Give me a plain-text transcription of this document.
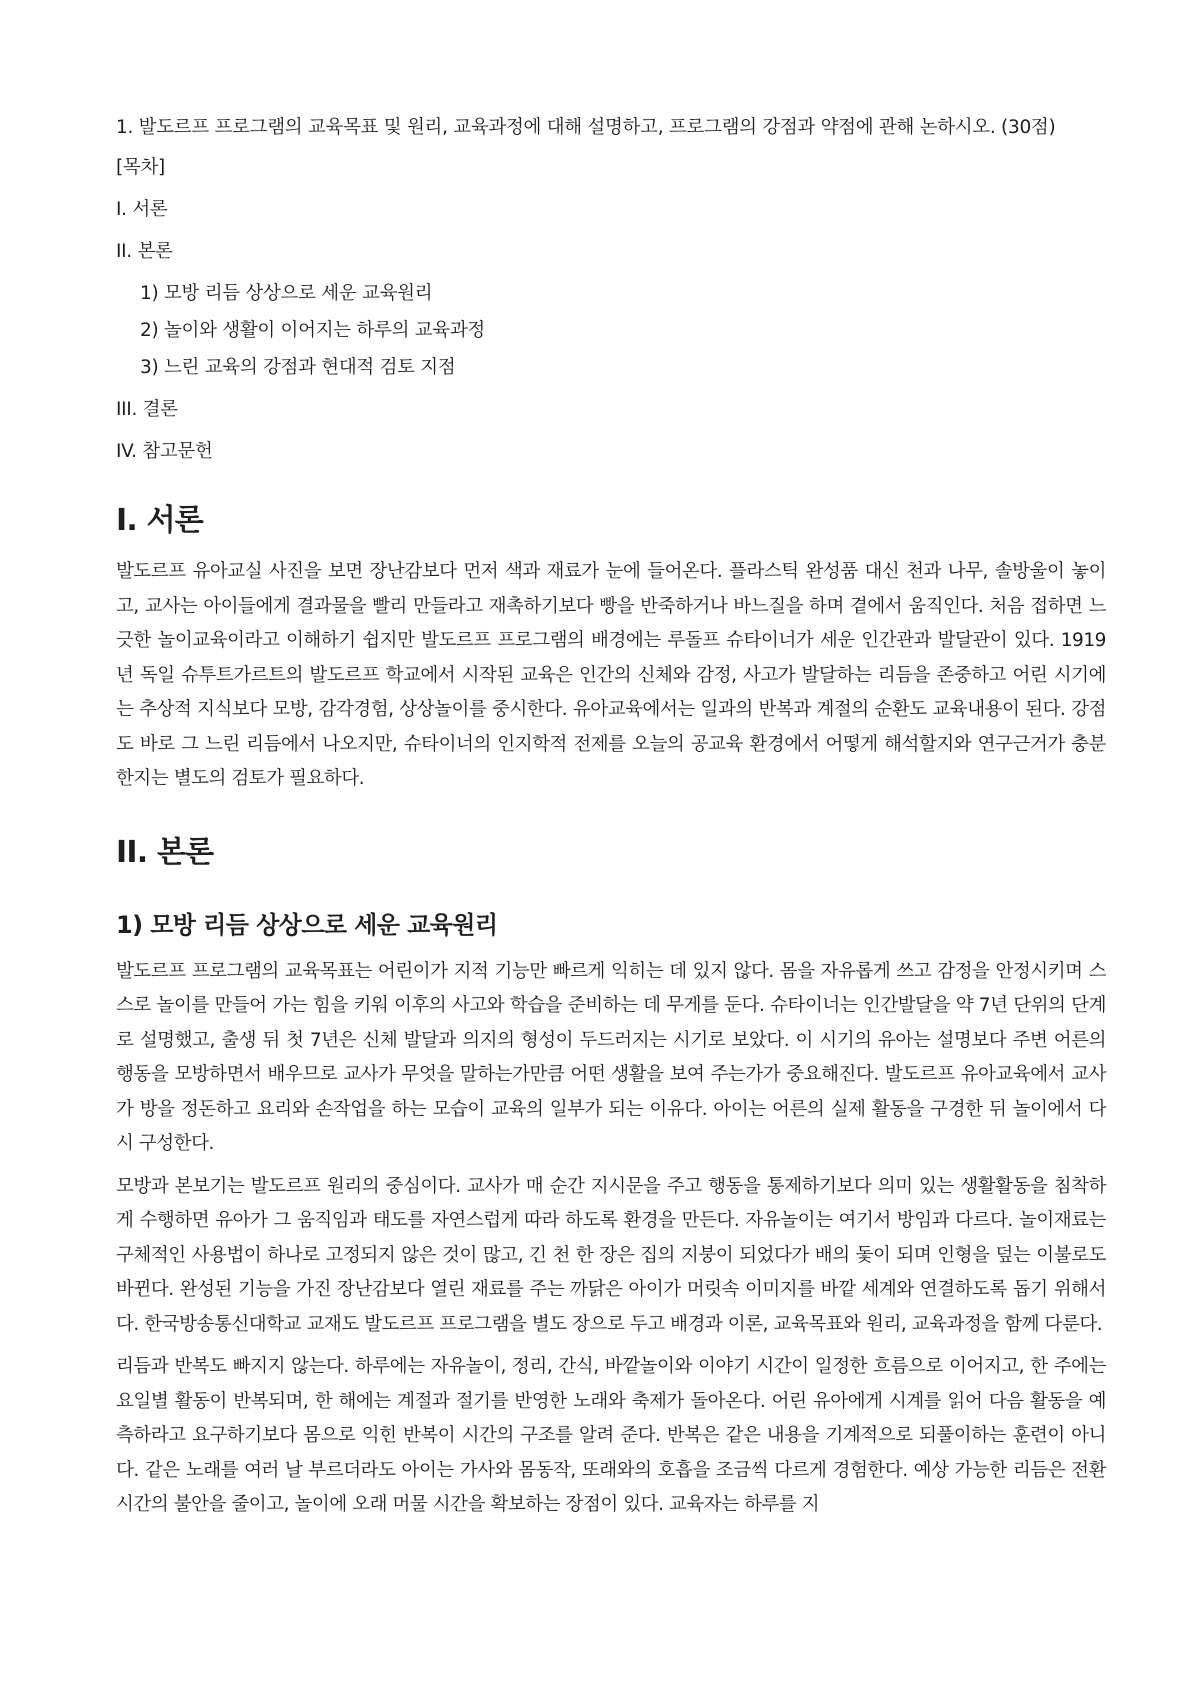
1. 발도르프 프로그램의 교육목표 및 원리, 교육과정에 대해 설명하고, 프로그램의 강점과 약점에 관해 논하시오. (30점)

[목차]
I. 서론
II. 본론
1) 모방 리듬 상상으로 세운 교육원리
2) 놀이와 생활이 이어지는 하루의 교육과정
3) 느린 교육의 강점과 현대적 검토 지점
III. 결론
IV. 참고문헌
I. 서론

발도르프 유아교실 사진을 보면 장난감보다 먼저 색과 재료가 눈에 들어온다. 플라스틱 완성품 대신 천과 나무, 솔방울이 놓이고, 교사는 아이들에게 결과물을 빨리 만들라고 재촉하기보다 빵을 반죽하거나 바느질을 하며 곁에서 움직인다. 처음 접하면 느긋한 놀이교육이라고 이해하기 쉽지만 발도르프 프로그램의 배경에는 루돌프 슈타이너가 세운 인간관과 발달관이 있다. 1919년 독일 슈투트가르트의 발도르프 학교에서 시작된 교육은 인간의 신체와 감정, 사고가 발달하는 리듬을 존중하고 어린 시기에는 추상적 지식보다 모방, 감각경험, 상상놀이를 중시한다. 유아교육에서는 일과의 반복과 계절의 순환도 교육내용이 된다. 강점도 바로 그 느린 리듬에서 나오지만, 슈타이너의 인지학적 전제를 오늘의 공교육 환경에서 어떻게 해석할지와 연구근거가 충분한지는 별도의 검토가 필요하다.

II. 본론
1) 모방 리듬 상상으로 세운 교육원리

발도르프 프로그램의 교육목표는 어린이가 지적 기능만 빠르게 익히는 데 있지 않다. 몸을 자유롭게 쓰고 감정을 안정시키며 스스로 놀이를 만들어 가는 힘을 키워 이후의 사고와 학습을 준비하는 데 무게를 둔다. 슈타이너는 인간발달을 약 7년 단위의 단계로 설명했고, 출생 뒤 첫 7년은 신체 발달과 의지의 형성이 두드러지는 시기로 보았다. 이 시기의 유아는 설명보다 주변 어른의 행동을 모방하면서 배우므로 교사가 무엇을 말하는가만큼 어떤 생활을 보여 주는가가 중요해진다. 발도르프 유아교육에서 교사가 방을 정돈하고 요리와 손작업을 하는 모습이 교육의 일부가 되는 이유다. 아이는 어른의 실제 활동을 구경한 뒤 놀이에서 다시 구성한다.

모방과 본보기는 발도르프 원리의 중심이다. 교사가 매 순간 지시문을 주고 행동을 통제하기보다 의미 있는 생활활동을 침착하게 수행하면 유아가 그 움직임과 태도를 자연스럽게 따라 하도록 환경을 만든다. 자유놀이는 여기서 방임과 다르다. 놀이재료는 구체적인 사용법이 하나로 고정되지 않은 것이 많고, 긴 천 한 장은 집의 지붕이 되었다가 배의 돛이 되며 인형을 덮는 이불로도 바뀐다. 완성된 기능을 가진 장난감보다 열린 재료를 주는 까닭은 아이가 머릿속 이미지를 바깥 세계와 연결하도록 돕기 위해서다. 한국방송통신대학교 교재도 발도르프 프로그램을 별도 장으로 두고 배경과 이론, 교육목표와 원리, 교육과정을 함께 다룬다.

리듬과 반복도 빠지지 않는다. 하루에는 자유놀이, 정리, 간식, 바깥놀이와 이야기 시간이 일정한 흐름으로 이어지고, 한 주에는 요일별 활동이 반복되며, 한 해에는 계절과 절기를 반영한 노래와 축제가 돌아온다. 어린 유아에게 시계를 읽어 다음 활동을 예측하라고 요구하기보다 몸으로 익힌 반복이 시간의 구조를 알려 준다. 반복은 같은 내용을 기계적으로 되풀이하는 훈련이 아니다. 같은 노래를 여러 날 부르더라도 아이는 가사와 몸동작, 또래와의 호흡을 조금씩 다르게 경험한다. 예상 가능한 리듬은 전환시간의 불안을 줄이고, 놀이에 오래 머물 시간을 확보하는 장점이 있다. 교육자는 하루를 지
